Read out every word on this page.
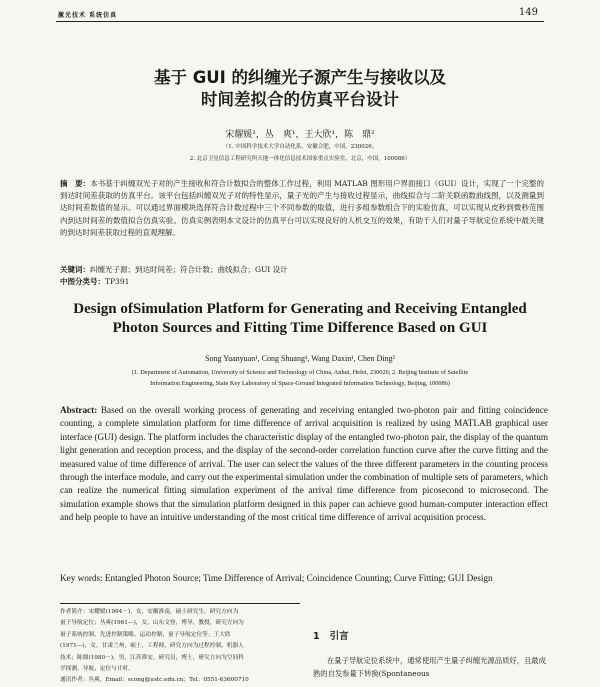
激光技术 系统仿真	149
基于 GUI 的纠缠光子源产生与接收以及
时间差拟合的仿真平台设计
宋耀媛¹，丛　爽¹，王大欣¹，陈　鼎²
（1. 中国科学技术大学自动化系，安徽合肥，中国，230026；
2. 北京卫星信息工程研究所天地一体化信息技术国家重点实验室，北京，中国，100086）

摘　要：本书基于纠缠双光子对的产生接收和符合计数拟合的整体工作过程，利用 MATLAB 图形用户界面接口（GUI）设计，实现了一个完整的到达时间差获取的仿真平台。该平台包括纠缠双光子对的特性显示，量子光的产生与接收过程显示，曲线拟合与二阶关联函数曲线图，以及测量到达时间差数值的显示。可以通过界面模块选择符合计数过程中三个不同参数的取值，进行多组参数组合下的实验仿真，可以实现从皮秒到微秒范围内到达时间差的数值拟合仿真实验。仿真实例表明本文设计的仿真平台可以实现良好的人机交互的效果，有助于人们对量子导航定位系统中最关键的到达时间差获取过程的直观理解。

关键词：纠缠光子源；到达时间差；符合计数；曲线拟合；GUI 设计
中图分类号：TP391
Design ofSimulation Platform for Generating and Receiving Entangled
Photon Sources and Fitting Time Difference Based on GUI
Song Yuanyuan¹, Cong Shuang¹, Wang Daxin¹, Chen Ding²
(1. Department of Automation, University of Science and Technology of China, Anhui, Hefei, 230026; 2. Beijing Institute of Satellite
Information Engineering, State Key Laboratory of Space-Ground Integrated Information Technology, Beijing, 100086)

Abstract: Based on the overall working process of generating and receiving entangled two-photon pair and fitting coincidence counting, a complete simulation platform for time difference of arrival acquisition is realized by using MATLAB graphical user interface (GUI) design. The platform includes the characteristic display of the entangled two-photon pair, the display of the quantum light generation and reception process, and the display of the second-order correlation function curve after the curve fitting and the measured value of time difference of arrival. The user can select the values of the three different parameters in the counting process through the interface module, and carry out the experimental simulation under the combination of multiple sets of parameters, which can realize the numerical fitting simulation experiment of the arrival time difference from picosecond to microsecond. The simulation example shows that the simulation platform designed in this paper can achieve good human-computer interaction effect and help people to have an intuitive understanding of the most critical time difference of arrival acquisition process.

Key words: Entangled Photon Source; Time Difference of Arrival; Coincidence Counting; Curve Fitting; GUI Design

作者简介：宋耀媛(1994－)，女，安徽淮南，硕士研究生，研究方向为
量子导航定位；丛爽(1961—)，女，山东文登，博导，教授，研究方向为
量子系统控制、先进控制策略、运动控制、量子导航定位等；王大欣
(1971—)，女，甘肃兰州，硕士，工程师，研究方向为过程控制、机器人
技术；陈鼎(1980－)，男，江苏淮安，研究员，博士，研究方向为空间科
学探测、导航、定位与计时。
通讯作者：丛爽，Email：scong@ustc.edu.cn；Tel：0551-63600710

1 引言

在量子导航定位系统中，通常使用产生量子纠缠光源品质好，且最成熟的自发参量下转换(Spontaneous
